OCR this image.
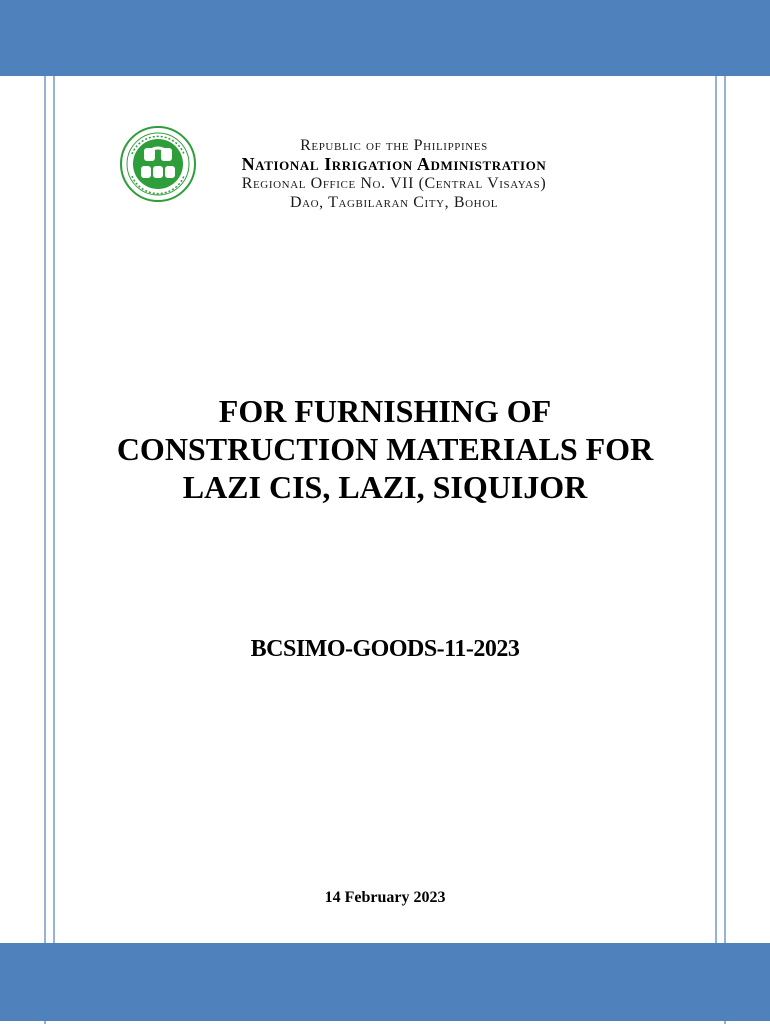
Republic of the Philippines
National Irrigation Administration
Regional Office No. VII (Central Visayas)
Dao, Tagbilaran City, Bohol
FOR FURNISHING OF
CONSTRUCTION MATERIALS FOR
LAZI CIS, LAZI, SIQUIJOR
BCSIMO-GOODS-11-2023
14 February 2023
